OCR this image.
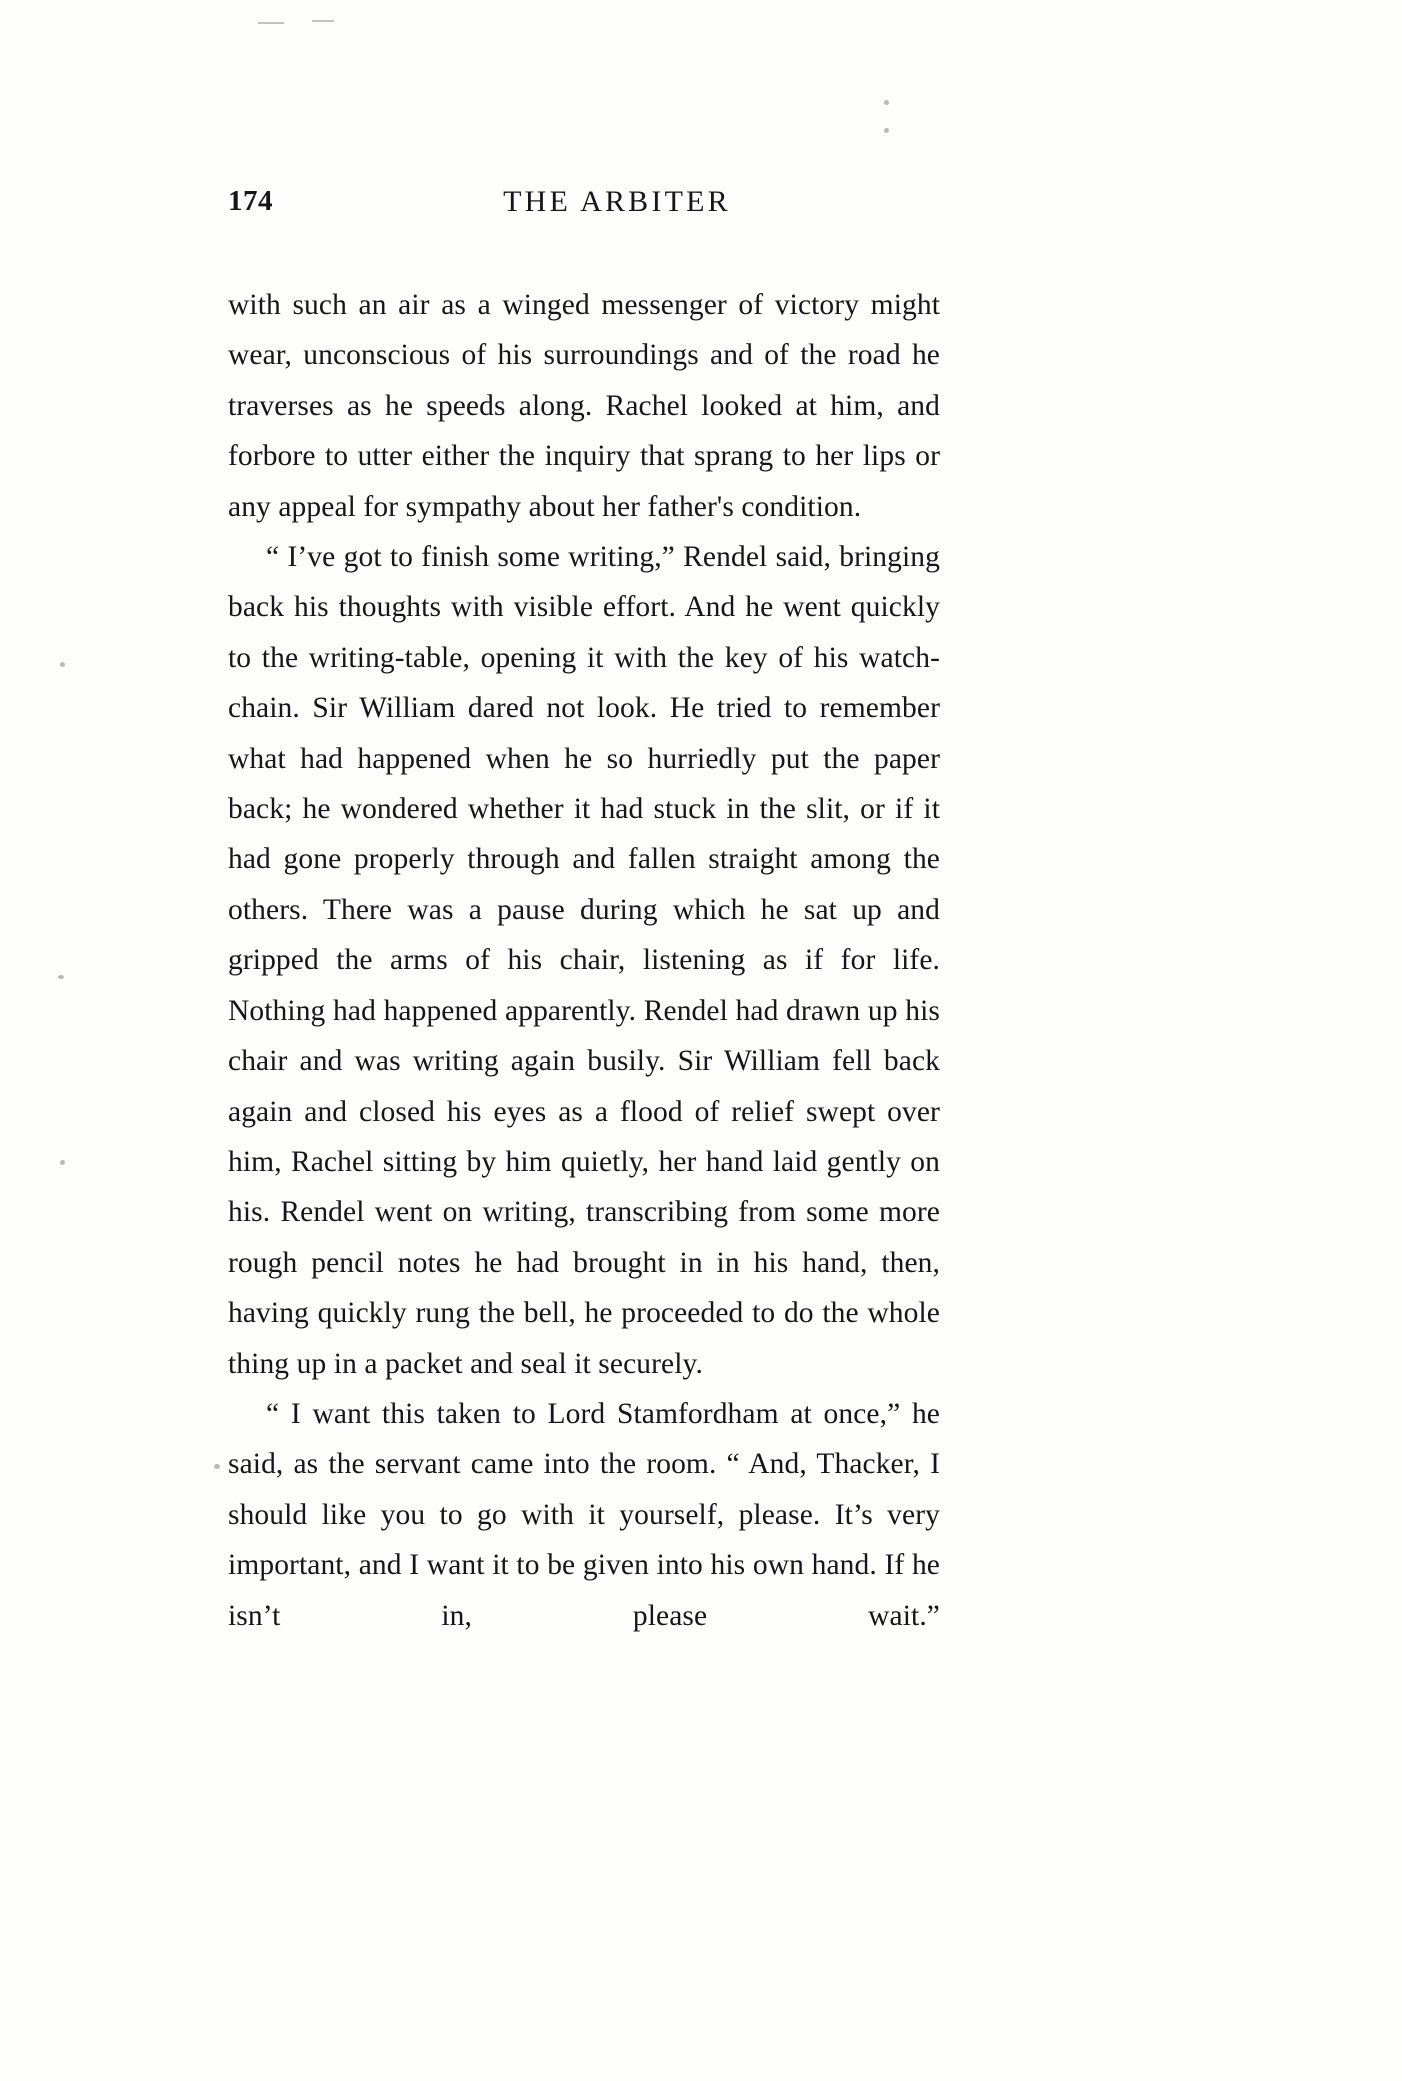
174	THE ARBITER

with such an air as a winged messenger of victory might wear, unconscious of his surroundings and of the road he traverses as he speeds along. Rachel looked at him, and forbore to utter either the inquiry that sprang to her lips or any appeal for sympathy about her father's condition.

“ I’ve got to finish some writing,” Rendel said, bringing back his thoughts with visible effort. And he went quickly to the writing-table, opening it with the key of his watch-chain. Sir William dared not look. He tried to remember what had happened when he so hurriedly put the paper back; he wondered whether it had stuck in the slit, or if it had gone properly through and fallen straight among the others. There was a pause during which he sat up and gripped the arms of his chair, listening as if for life. Nothing had happened apparently. Rendel had drawn up his chair and was writing again busily. Sir William fell back again and closed his eyes as a flood of relief swept over him, Rachel sitting by him quietly, her hand laid gently on his. Rendel went on writing, transcribing from some more rough pencil notes he had brought in in his hand, then, having quickly rung the bell, he proceeded to do the whole thing up in a packet and seal it securely.

“ I want this taken to Lord Stamfordham at once,” he said, as the servant came into the room. “ And, Thacker, I should like you to go with it yourself, please. It’s very important, and I want it to be given into his own hand. If he isn’t in, please wait.”
